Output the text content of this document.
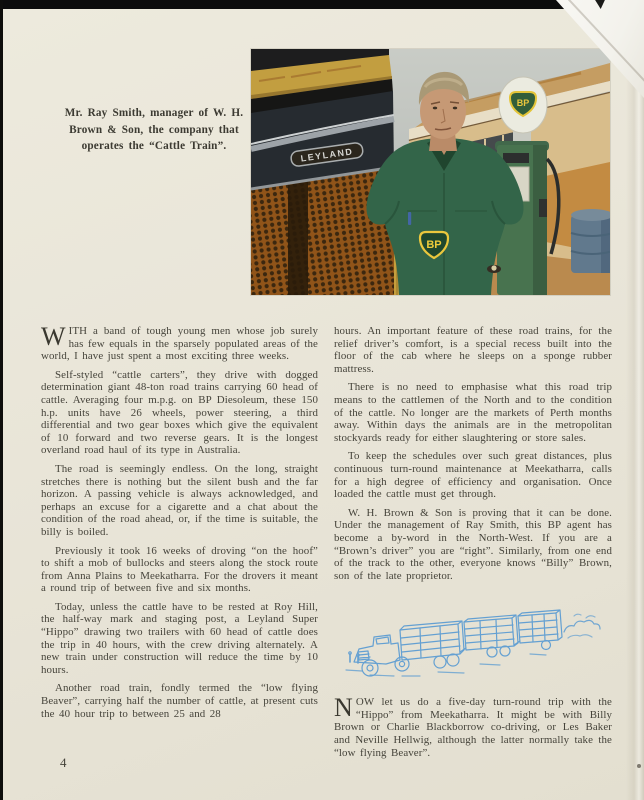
BP
LEYLAND
BP
Mr. Ray Smith, manager of W. H. Brown & Son, the company that operates the “Cattle Train”.

WITH a band of tough young men whose job surely has few equals in the sparsely populated areas of the world, I have just spent a most exciting three weeks.

Self-styled “cattle carters”, they drive with dogged determination giant 48-ton road trains carrying 60 head of cattle. Averaging four m.p.g. on BP Diesoleum, these 150 h.p. units have 26 wheels, power steering, a third differential and two gear boxes which give the equivalent of 10 forward and two reverse gears. It is the longest overland road haul of its type in Australia.

The road is seemingly endless. On the long, straight stretches there is nothing but the silent bush and the far horizon. A passing vehicle is always acknowledged, and perhaps an excuse for a cigarette and a chat about the condition of the road ahead, or, if the time is suitable, the billy is boiled.

Previously it took 16 weeks of droving “on the hoof” to shift a mob of bullocks and steers along the stock route from Anna Plains to Meekatharra. For the drovers it meant a round trip of between five and six months.

Today, unless the cattle have to be rested at Roy Hill, the half-way mark and staging post, a Leyland Super “Hippo” drawing two trailers with 60 head of cattle does the trip in 40 hours, with the crew driving alternately. A new train under construction will reduce the time by 10 hours.

Another road train, fondly termed the “low flying Beaver”, carrying half the number of cattle, at present cuts the 40 hour trip to between 25 and 28

hours. An important feature of these road trains, for the relief driver’s comfort, is a special recess built into the floor of the cab where he sleeps on a sponge rubber mattress.

There is no need to emphasise what this road trip means to the cattlemen of the North and to the condition of the cattle. No longer are the markets of Perth months away. Within days the animals are in the metropolitan stockyards ready for either slaughtering or store sales.

To keep the schedules over such great distances, plus continuous turn-round maintenance at Meekatharra, calls for a high degree of efficiency and organisation. Once loaded the cattle must get through.

W. H. Brown & Son is proving that it can be done. Under the management of Ray Smith, this BP agent has become a by-word in the North-West. If you are a “Brown’s driver” you are “right”. Similarly, from one end of the track to the other, everyone knows “Billy” Brown, son of the late proprietor.

NOW let us do a five-day turn-round trip with the “Hippo” from Meekatharra. It might be with Billy Brown or Charlie Blackborrow co-driving, or Les Baker and Neville Hellwig, although the latter normally take the “low flying Beaver”.

4
